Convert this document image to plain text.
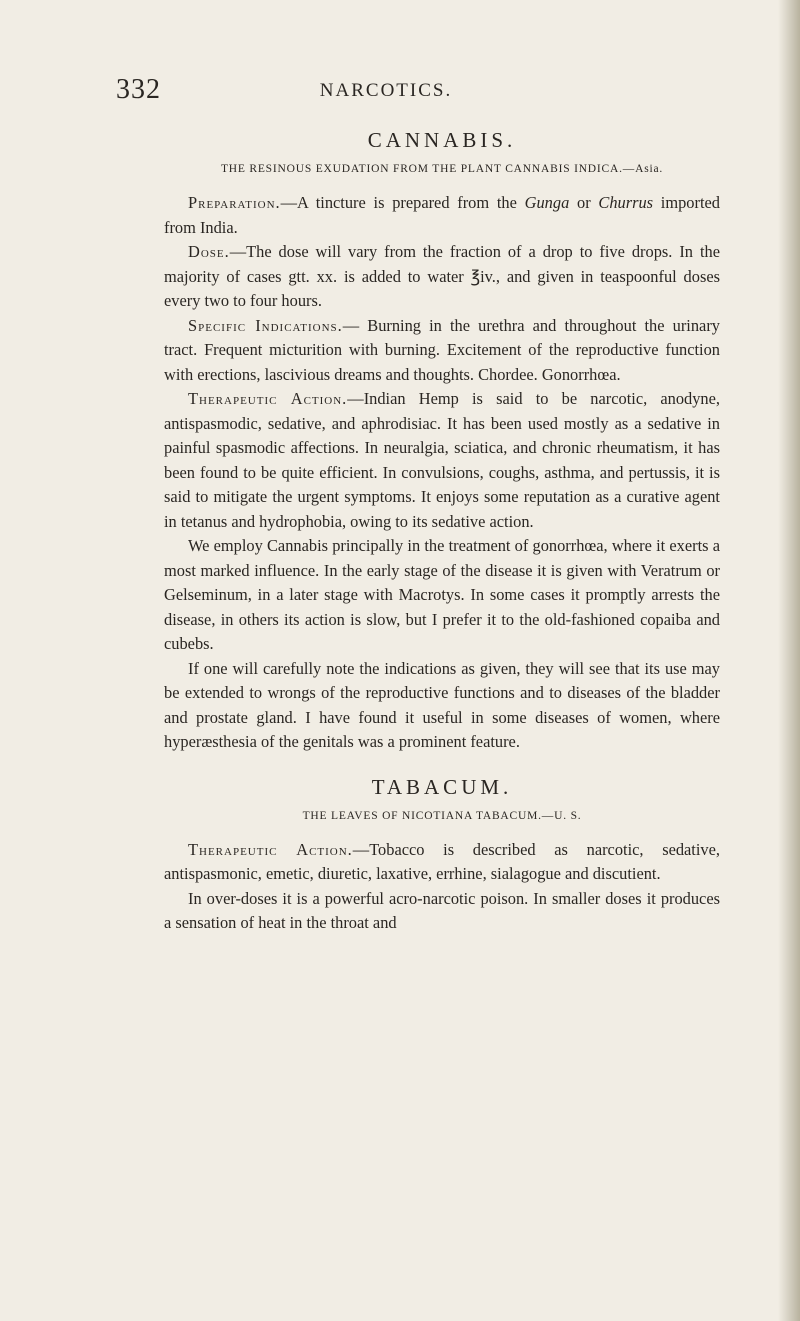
332	NARCOTICS.
CANNABIS.
THE RESINOUS EXUDATION FROM THE PLANT CANNABIS INDICA.—Asia.

Preparation.—A tincture is prepared from the Gunga or Churrus imported from India.

Dose.—The dose will vary from the fraction of a drop to five drops. In the majority of cases gtt. xx. is added to water ℥iv., and given in teaspoonful doses every two to four hours.

Specific Indications.— Burning in the urethra and throughout the urinary tract. Frequent micturition with burning. Excitement of the reproductive function with erections, lascivious dreams and thoughts. Chordee. Gonorrhœa.

Therapeutic Action.—Indian Hemp is said to be narcotic, anodyne, antispasmodic, sedative, and aphrodisiac. It has been used mostly as a sedative in painful spasmodic affections. In neuralgia, sciatica, and chronic rheumatism, it has been found to be quite efficient. In convulsions, coughs, asthma, and pertussis, it is said to mitigate the urgent symptoms. It enjoys some reputation as a curative agent in tetanus and hydrophobia, owing to its sedative action.

We employ Cannabis principally in the treatment of gonorrhœa, where it exerts a most marked influence. In the early stage of the disease it is given with Veratrum or Gelseminum, in a later stage with Macrotys. In some cases it promptly arrests the disease, in others its action is slow, but I prefer it to the old-fashioned copaiba and cubebs.

If one will carefully note the indications as given, they will see that its use may be extended to wrongs of the reproductive functions and to diseases of the bladder and prostate gland. I have found it useful in some diseases of women, where hyperæsthesia of the genitals was a prominent feature.

TABACUM.
THE LEAVES OF NICOTIANA TABACUM.—U. S.

Therapeutic Action.—Tobacco is described as narcotic, sedative, antispasmonic, emetic, diuretic, laxative, errhine, sialagogue and discutient.

In over-doses it is a powerful acro-narcotic poison. In smaller doses it produces a sensation of heat in the throat and
